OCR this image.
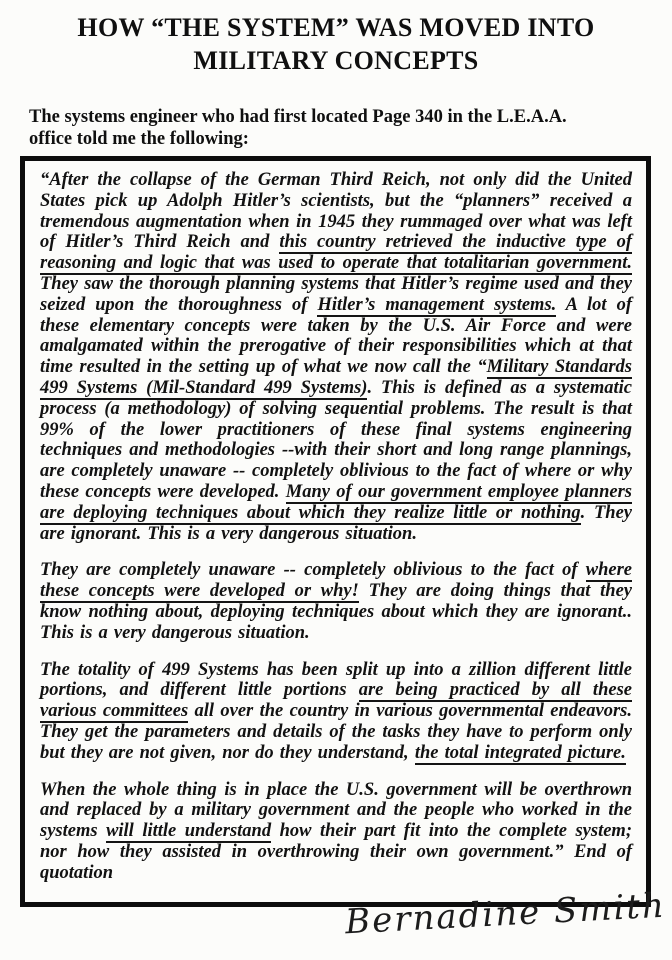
HOW “THE SYSTEM” WAS MOVED INTO
MILITARY CONCEPTS
The systems engineer who had first located Page 340 in the L.E.A.A.
office told me the following:

“After the collapse of the German Third Reich, not only did the United States pick up Adolph Hitler’s scientists, but the “planners” received a tremendous augmentation when in 1945 they rummaged over what was left of Hitler’s Third Reich and this country retrieved the inductive type of reasoning and logic that was used to operate that totalitarian government. They saw the thorough planning systems that Hitler’s regime used and they seized upon the thoroughness of Hitler’s management systems. A lot of these elementary concepts were taken by the U.S. Air Force and were amalgamated within the prerogative of their responsibilities which at that time resulted in the setting up of what we now call the “Military Standards 499 Systems (Mil-Standard 499 Systems). This is defined as a systematic process (a methodology) of solving sequential problems. The result is that 99% of the lower practitioners of these final systems engineering techniques and methodologies --with their short and long range plannings, are completely unaware -- completely oblivious to the fact of where or why these concepts were developed. Many of our government employee planners are deploying techniques about which they realize little or nothing. They are ignorant. This is a very dangerous situation.

They are completely unaware -- completely oblivious to the fact of where these concepts were developed or why! They are doing things that they know nothing about, deploying techniques about which they are ignorant.. This is a very dangerous situation.

The totality of 499 Systems has been split up into a zillion different little portions, and different little portions are being practiced by all these various committees all over the country in various governmental endeavors. They get the parameters and details of the tasks they have to perform only but they are not given, nor do they understand, the total integrated picture.

When the whole thing is in place the U.S. government will be overthrown and replaced by a military government and the people who worked in the systems will little understand how their part fit into the complete system; nor how they assisted in overthrowing their own government.” End of quotation

Bernadine Smith
